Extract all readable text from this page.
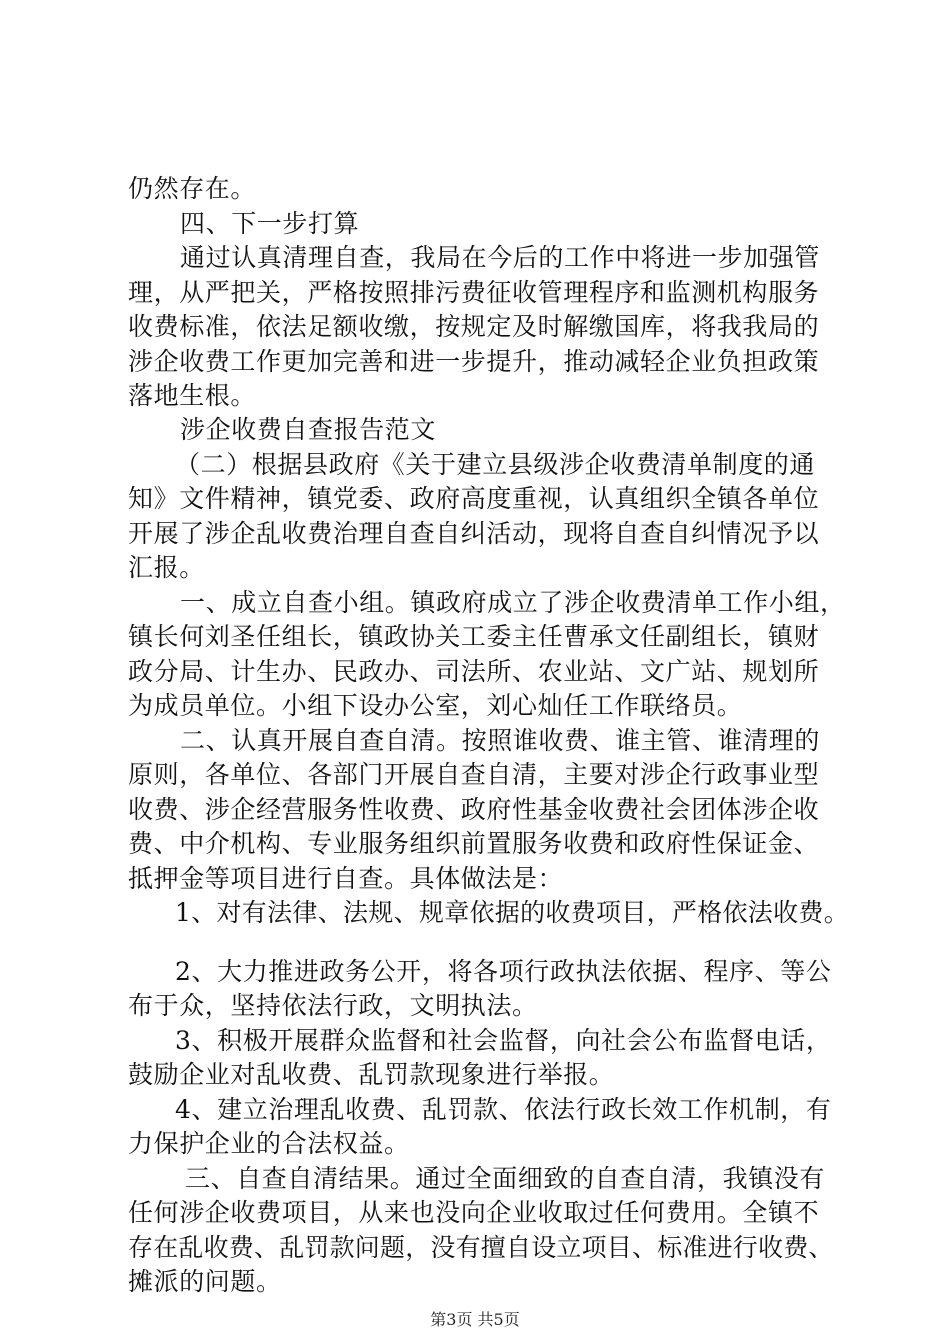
仍然存在。
四、下一步打算
通过认真清理自查，我局在今后的工作中将进一步加强管
理，从严把关，严格按照排污费征收管理程序和监测机构服务
收费标准，依法足额收缴，按规定及时解缴国库，将我我局的
涉企收费工作更加完善和进一步提升，推动减轻企业负担政策
落地生根。
涉企收费自查报告范文
（二）根据县政府《关于建立县级涉企收费清单制度的通
知》文件精神，镇党委、政府高度重视，认真组织全镇各单位
开展了涉企乱收费治理自查自纠活动，现将自查自纠情况予以
汇报。
一、成立自查小组。镇政府成立了涉企收费清单工作小组，
镇长何刘圣任组长，镇政协关工委主任曹承文任副组长，镇财
政分局、计生办、民政办、司法所、农业站、文广站、规划所
为成员单位。小组下设办公室，刘心灿任工作联络员。
二、认真开展自查自清。按照谁收费、谁主管、谁清理的
原则，各单位、各部门开展自查自清，主要对涉企行政事业型
收费、涉企经营服务性收费、政府性基金收费社会团体涉企收
费、中介机构、专业服务组织前置服务收费和政府性保证金、
抵押金等项目进行自查。具体做法是：
1、对有法律、法规、规章依据的收费项目，严格依法收费。
2、大力推进政务公开，将各项行政执法依据、程序、等公
布于众，坚持依法行政，文明执法。
3、积极开展群众监督和社会监督，向社会公布监督电话，
鼓励企业对乱收费、乱罚款现象进行举报。
4、建立治理乱收费、乱罚款、依法行政长效工作机制，有
力保护企业的合法权益。
三、自查自清结果。通过全面细致的自查自清，我镇没有
任何涉企收费项目，从来也没向企业收取过任何费用。全镇不
存在乱收费、乱罚款问题，没有擅自设立项目、标准进行收费、
摊派的问题。
第3页 共5页
